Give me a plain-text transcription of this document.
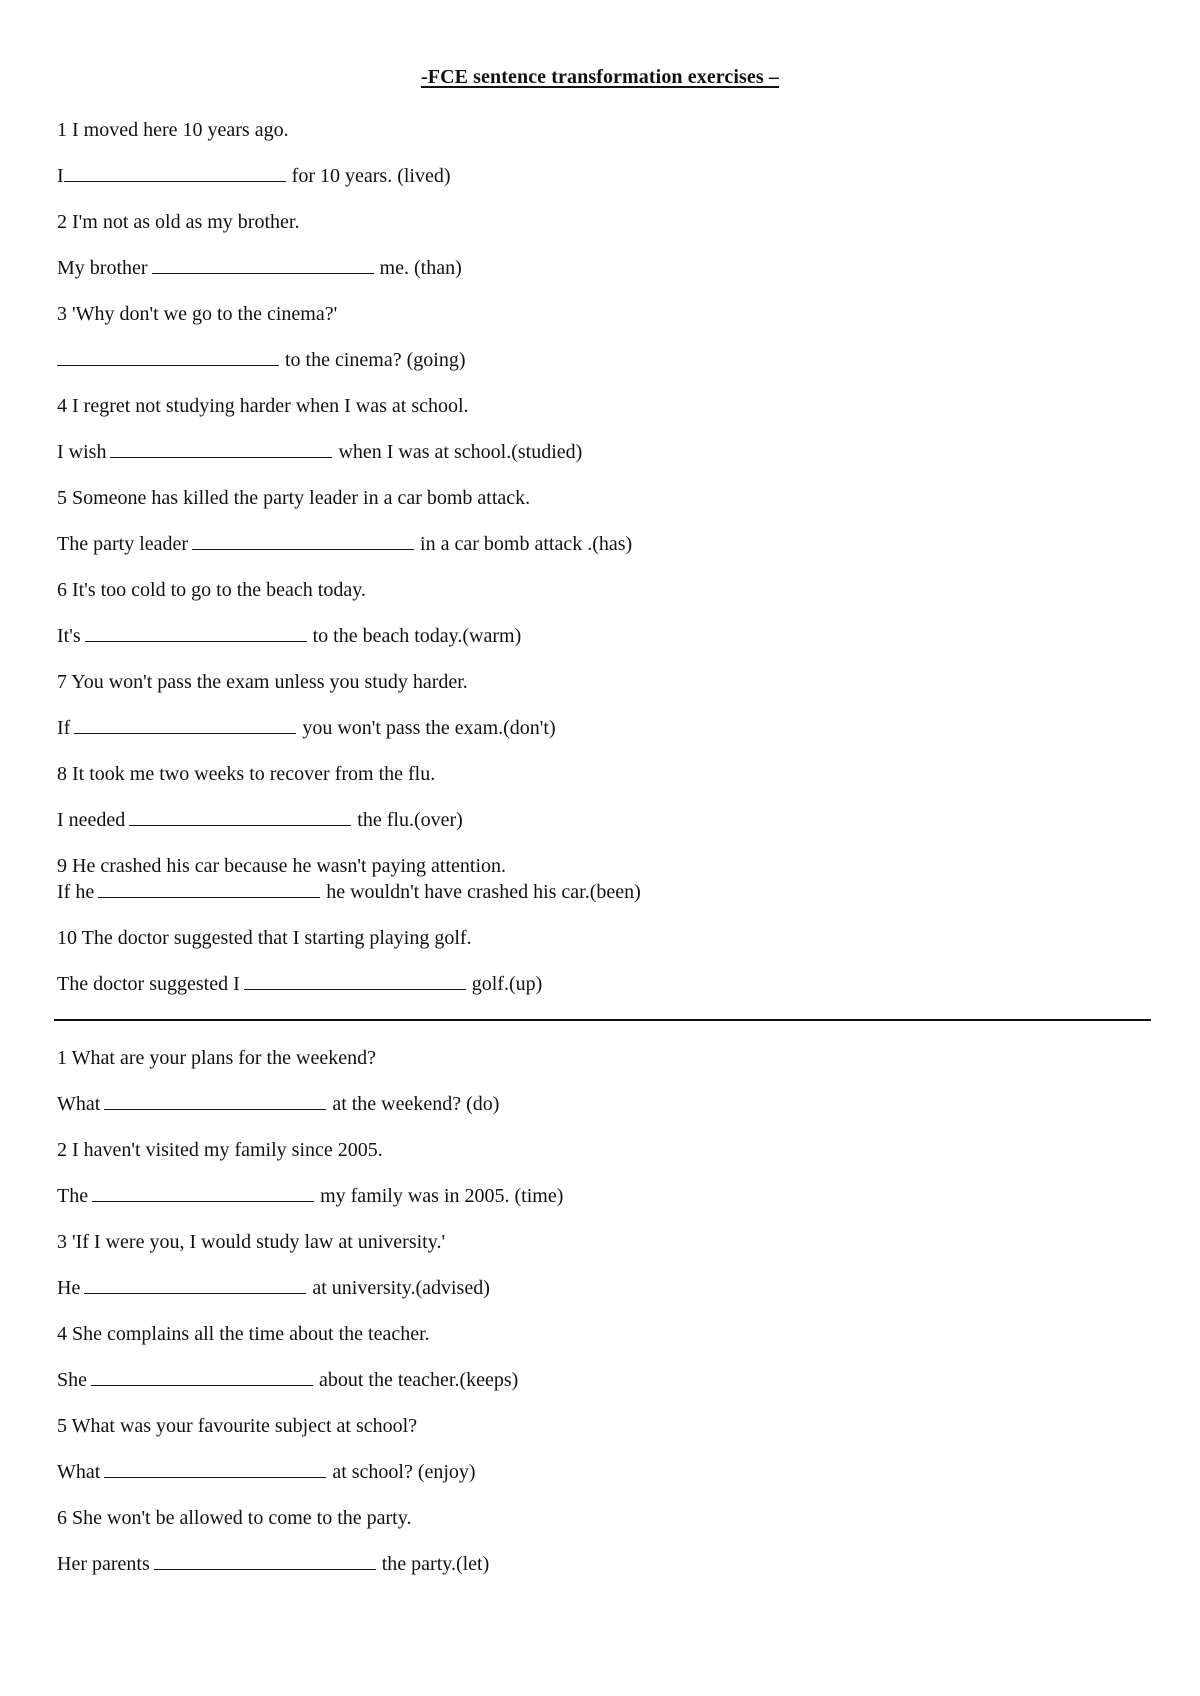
-FCE sentence transformation exercises –
1 I moved here 10 years ago.
I	for 10 years. (lived)
2 I'm not as old as my brother.
My brother	me. (than)
3 'Why don't we go to the cinema?'
to the cinema? (going)
4 I regret not studying harder when I was at school.
I wish	when I was at school.(studied)
5 Someone has killed the party leader in a car bomb attack.
The party leader	in a car bomb attack .(has)
6 It's too cold to go to the beach today.
It's	to the beach today.(warm)
7 You won't pass the exam unless you study harder.
If	you won't pass the exam.(don't)
8 It took me two weeks to recover from the flu.
I needed	the flu.(over)
9 He crashed his car because he wasn't paying attention.
If he	he wouldn't have crashed his car.(been)
10 The doctor suggested that I starting playing golf.
The doctor suggested I	golf.(up)
1 What are your plans for the weekend?
What	at the weekend? (do)
2 I haven't visited my family since 2005.
The	my family was in 2005. (time)
3 'If I were you, I would study law at university.'
He	at university.(advised)
4 She complains all the time about the teacher.
She	about the teacher.(keeps)
5 What was your favourite subject at school?
What	at school? (enjoy)
6 She won't be allowed to come to the party.
Her parents	the party.(let)
